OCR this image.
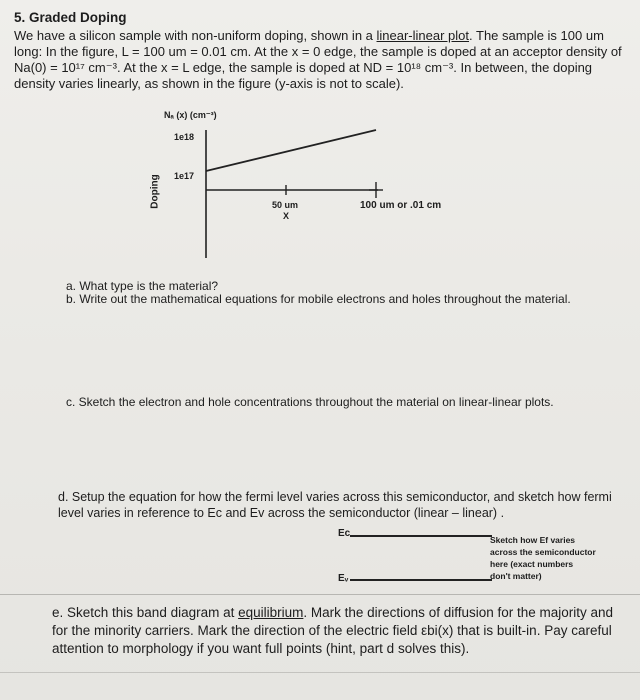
5. Graded Doping
We have a silicon sample with non-uniform doping, shown in a linear-linear plot. The sample is 100 um long: In the figure, L = 100 um = 0.01 cm. At the x = 0 edge, the sample is doped at an acceptor density of Na(0) = 10¹⁷ cm⁻³. At the x = L edge, the sample is doped at ND = 10¹⁸ cm⁻³. In between, the doping density varies linearly, as shown in the figure (y-axis is not to scale).
Nₐ (x) (cm⁻³)
1e18
1e17
Doping	50 um
X
100 um or .01 cm
a. What type is the material?
b. Write out the mathematical equations for mobile electrons and holes throughout the material.
c. Sketch the electron and hole concentrations throughout the material on linear-linear plots.
d. Setup the equation for how the fermi level varies across this semiconductor, and sketch how fermi level varies in reference to Ec and Ev across the semiconductor (linear – linear) .
Eᴄ
Eᵥ
Sketch how Ef varies
across the semiconductor
here (exact numbers
don't matter)
e. Sketch this band diagram at equilibrium. Mark the directions of diffusion for the majority and for the minority carriers. Mark the direction of the electric field εbi(x) that is built-in. Pay careful attention to morphology if you want full points (hint, part d solves this).
